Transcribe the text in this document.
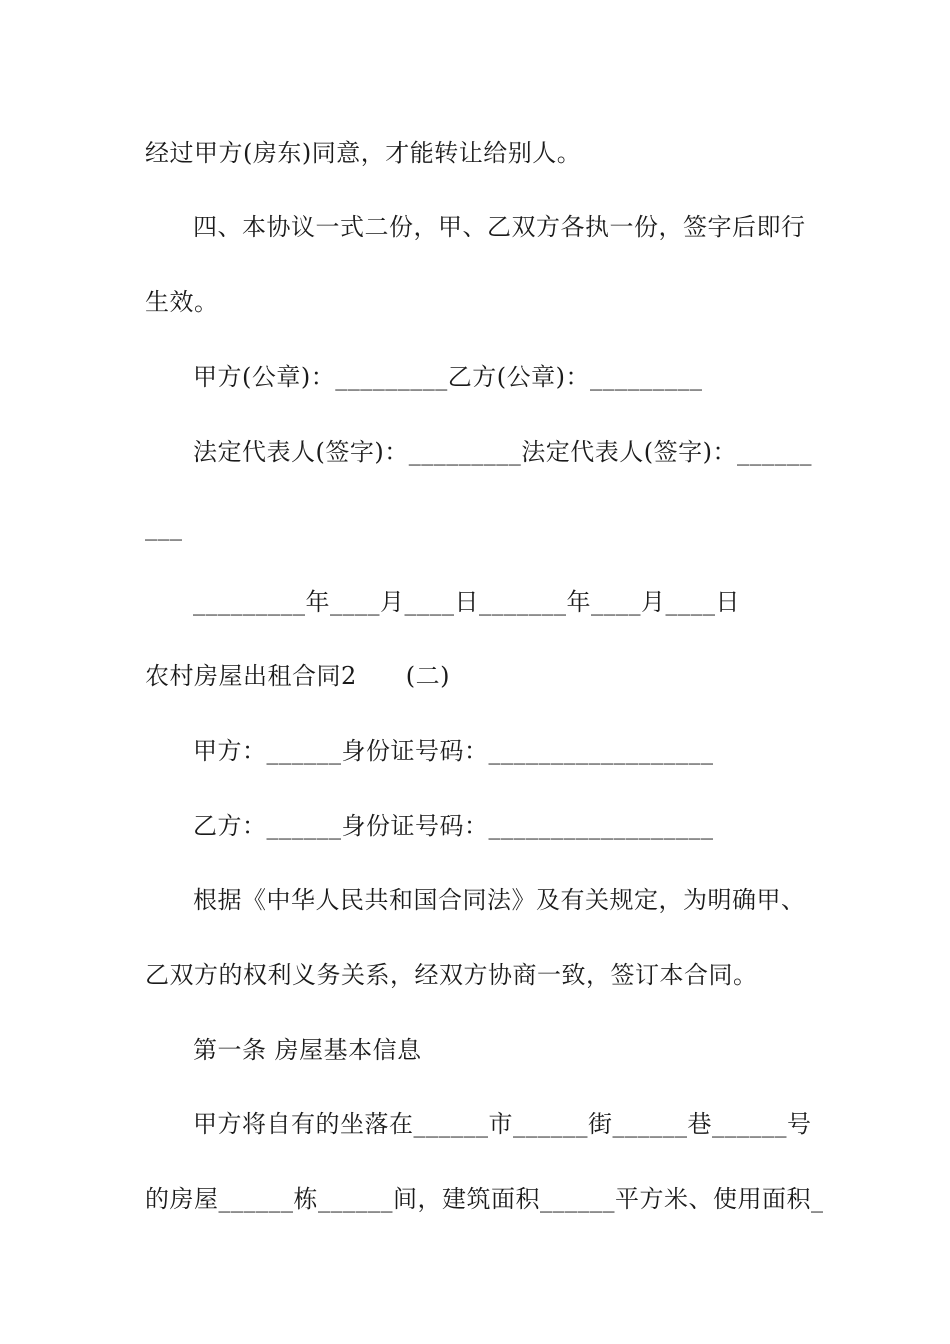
经过甲方(房东)同意，才能转让给别人。
四、本协议一式二份，甲、乙双方各执一份，签字后即行
生效。
甲方(公章)：_________乙方(公章)：_________
法定代表人(签字)：_________法定代表人(签字)：______
___
_________年____月____日_______年____月____日
农村房屋出租合同2　　(二)
甲方：______身份证号码：__________________
乙方：______身份证号码：__________________
根据《中华人民共和国合同法》及有关规定，为明确甲、
乙双方的权利义务关系，经双方协商一致，签订本合同。
第一条 房屋基本信息
甲方将自有的坐落在______市______街______巷______号
的房屋______栋______间，建筑面积______平方米、使用面积_
